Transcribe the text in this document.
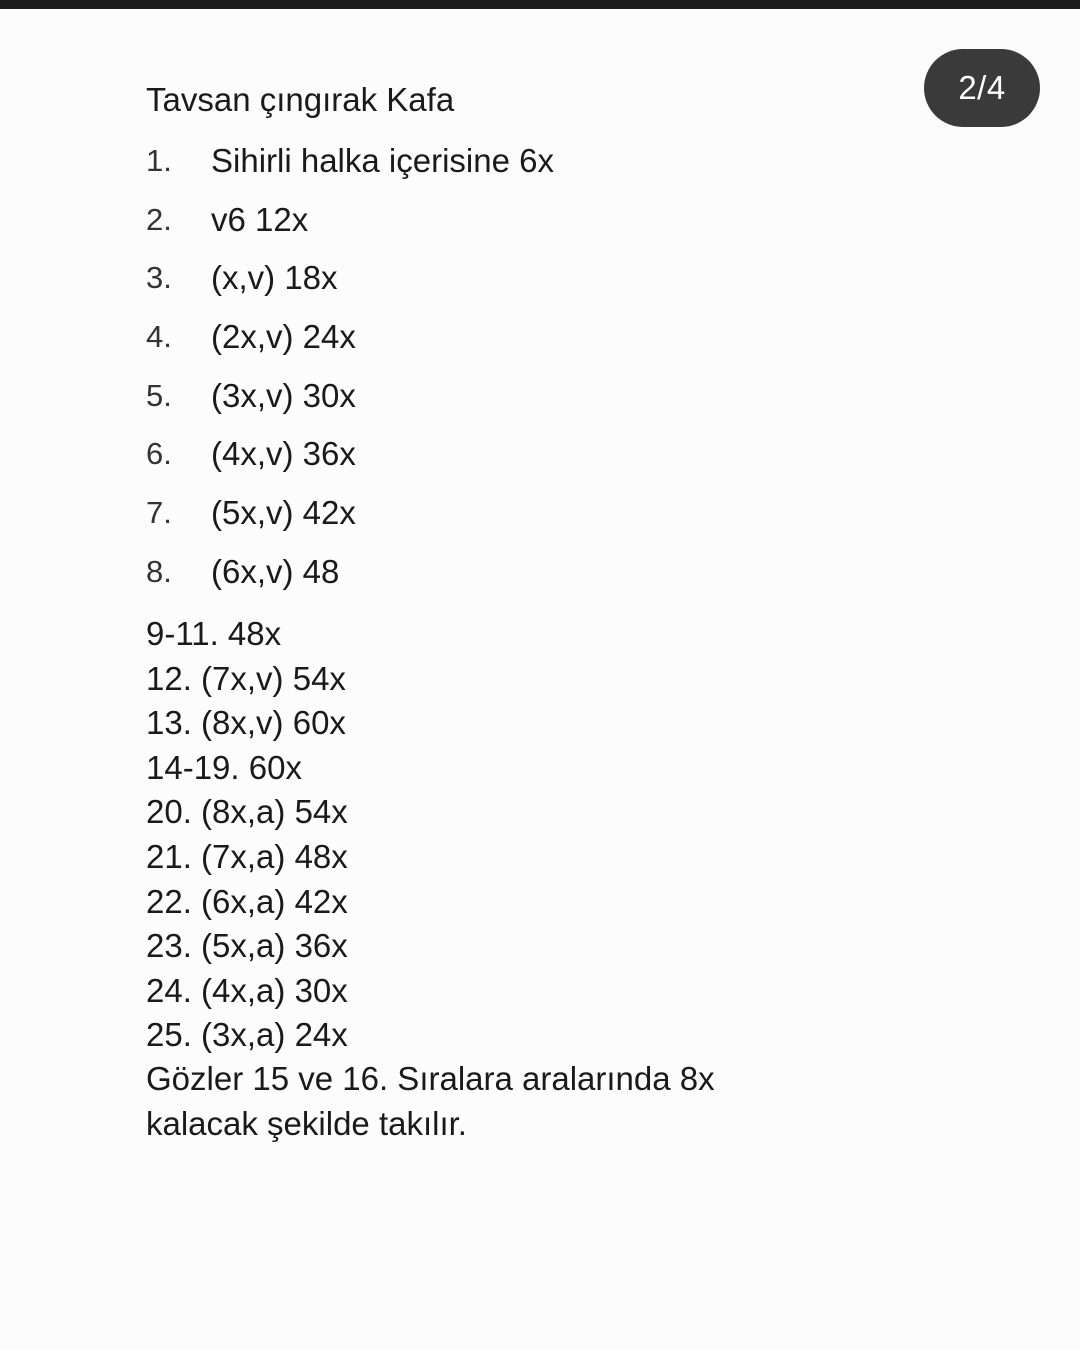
2/4
Tavsan çıngırak Kafa
1.	Sihirli halka içerisine 6x
2.	v6 12x
3.	(x,v) 18x
4.	(2x,v) 24x
5.	(3x,v) 30x
6.	(4x,v) 36x
7.	(5x,v) 42x
8.	(6x,v) 48
9-11. 48x
12. (7x,v) 54x
13. (8x,v) 60x
14-19. 60x
20. (8x,a) 54x
21. (7x,a) 48x
22. (6x,a) 42x
23. (5x,a) 36x
24. (4x,a) 30x
25. (3x,a) 24x
Gözler 15 ve 16. Sıralara aralarında 8x
kalacak şekilde takılır.
